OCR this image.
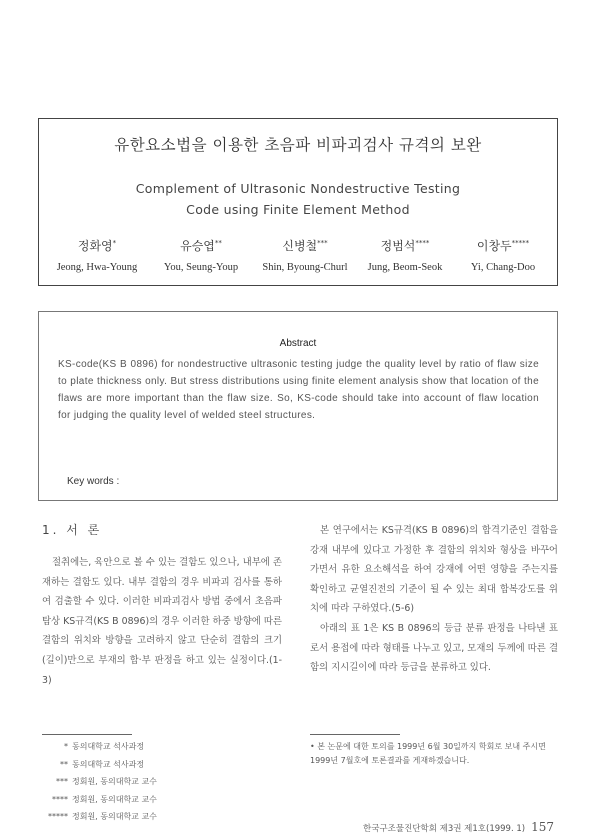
유한요소법을 이용한 초음파 비파괴검사 규격의 보완
Complement of Ultrasonic Nondestructive Testing
Code using Finite Element Method
정화영*
Jeong, Hwa-Young
유승엽**
You, Seung-Youp
신병철***
Shin, Byoung-Churl
정범석****
Jung, Beom-Seok
이창두*****
Yi, Chang-Doo
Abstract
KS-code(KS B 0896) for nondestructive ultrasonic testing judge the quality level by ratio of flaw size to plate thickness only. But stress distributions using finite element analysis show that location of the flaws are more important than the flaw size. So, KS-code should take into account of flaw location for judging the quality level of welded steel structures.
Key words :
1. 서 론

절취에는, 육안으로 볼 수 있는 결함도 있으나, 내부에 존재하는 결함도 있다. 내부 결함의 경우 비파괴 검사를 통하여 검출할 수 있다. 이러한 비파괴검사 방법 중에서 초음파탐상 KS규격(KS B 0896)의 경우 이러한 하중 방향에 따른 결함의 위치와 방향을 고려하지 않고 단순히 결함의 크기(길이)만으로 부재의 합·부 판정을 하고 있는 실정이다.(1-3)

본 연구에서는 KS규격(KS B 0896)의 합격기준인 결함을 강재 내부에 있다고 가정한 후 결함의 위치와 형상을 바꾸어 가면서 유한 요소해석을 하여 강재에 어떤 영향을 주는지를 확인하고 균열진전의 기준이 될 수 있는 최대 합복강도를 위치에 따라 구하였다.(5-6)

아래의 표 1은 KS B 0896의 등급 분류 판정을 나타낸 표로서 용접에 따라 형태를 나누고 있고, 모재의 두께에 따른 결함의 지시길이에 따라 등급을 분류하고 있다.

* 동의대학교 석사과정
** 동의대학교 석사과정
*** 정회원, 동의대학교 교수
**** 정회원, 동의대학교 교수
***** 정회원, 동의대학교 교수
• 본 논문에 대한 토의를 1999년 6월 30일까지 학회로 보내 주시면 1999년 7월호에 토론결과를 게재하겠습니다.
한국구조물진단학회 제3권 제1호(1999. 1) 157
